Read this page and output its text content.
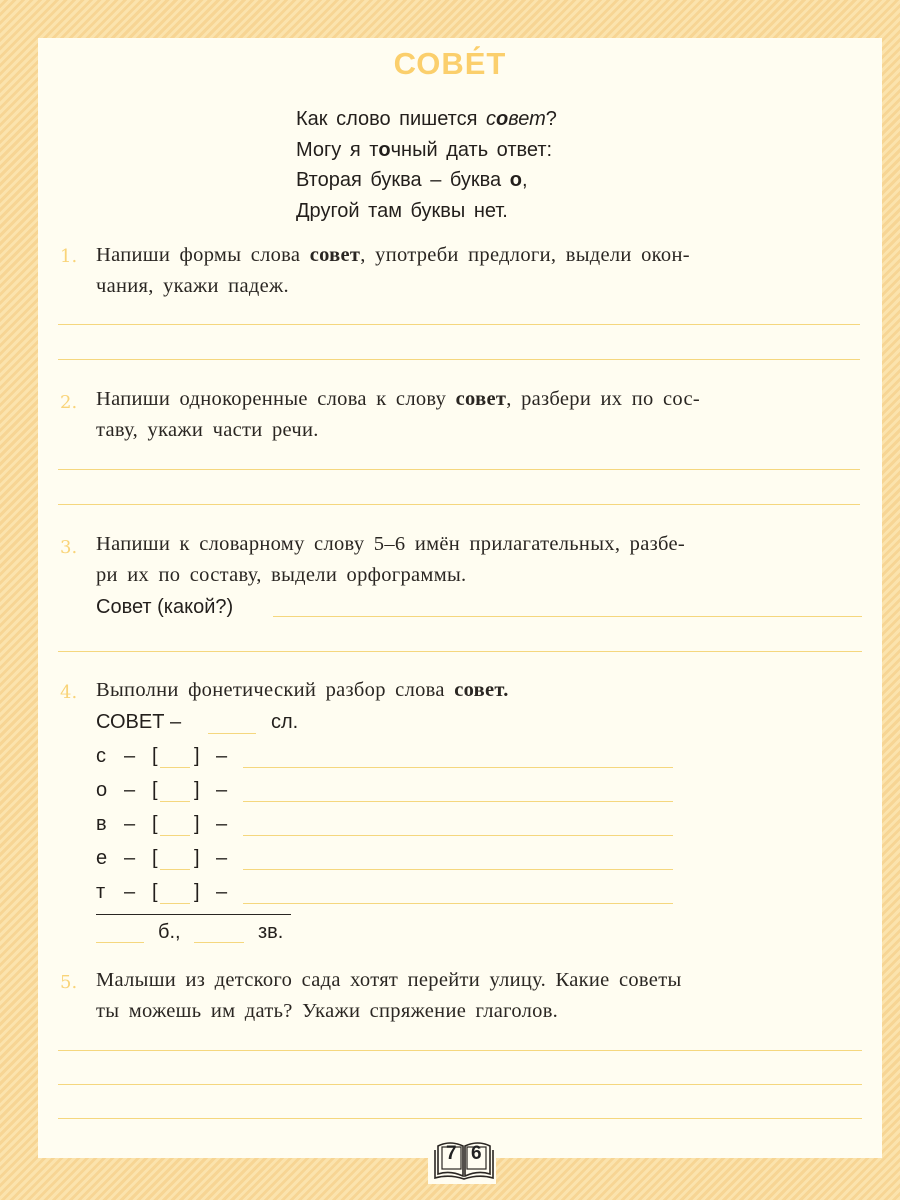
СОВЕ́Т
Как слово пишется совет?
Могу я точный дать ответ:
Вторая буква – буква о,
Другой там буквы нет.
1. Напиши формы слова совет, употреби предлоги, выдели окон-
чания, укажи падеж.
2. Напиши однокоренные слова к слову совет, разбери их по сос-
таву, укажи части речи.
3. Напиши к словарному слову 5–6 имён прилагательных, разбе-
ри их по составу, выдели орфограммы.
Совет (какой?)
4. Выполни фонетический разбор слова совет.
СОВЕТ –	сл.
с – [ ] –
о – [ ] –
в – [ ] –
е – [ ] –
т – [ ] –
б.,	зв.
5. Малыши из детского сада хотят перейти улицу. Какие советы
ты можешь им дать? Укажи спряжение глаголов.
7 6
